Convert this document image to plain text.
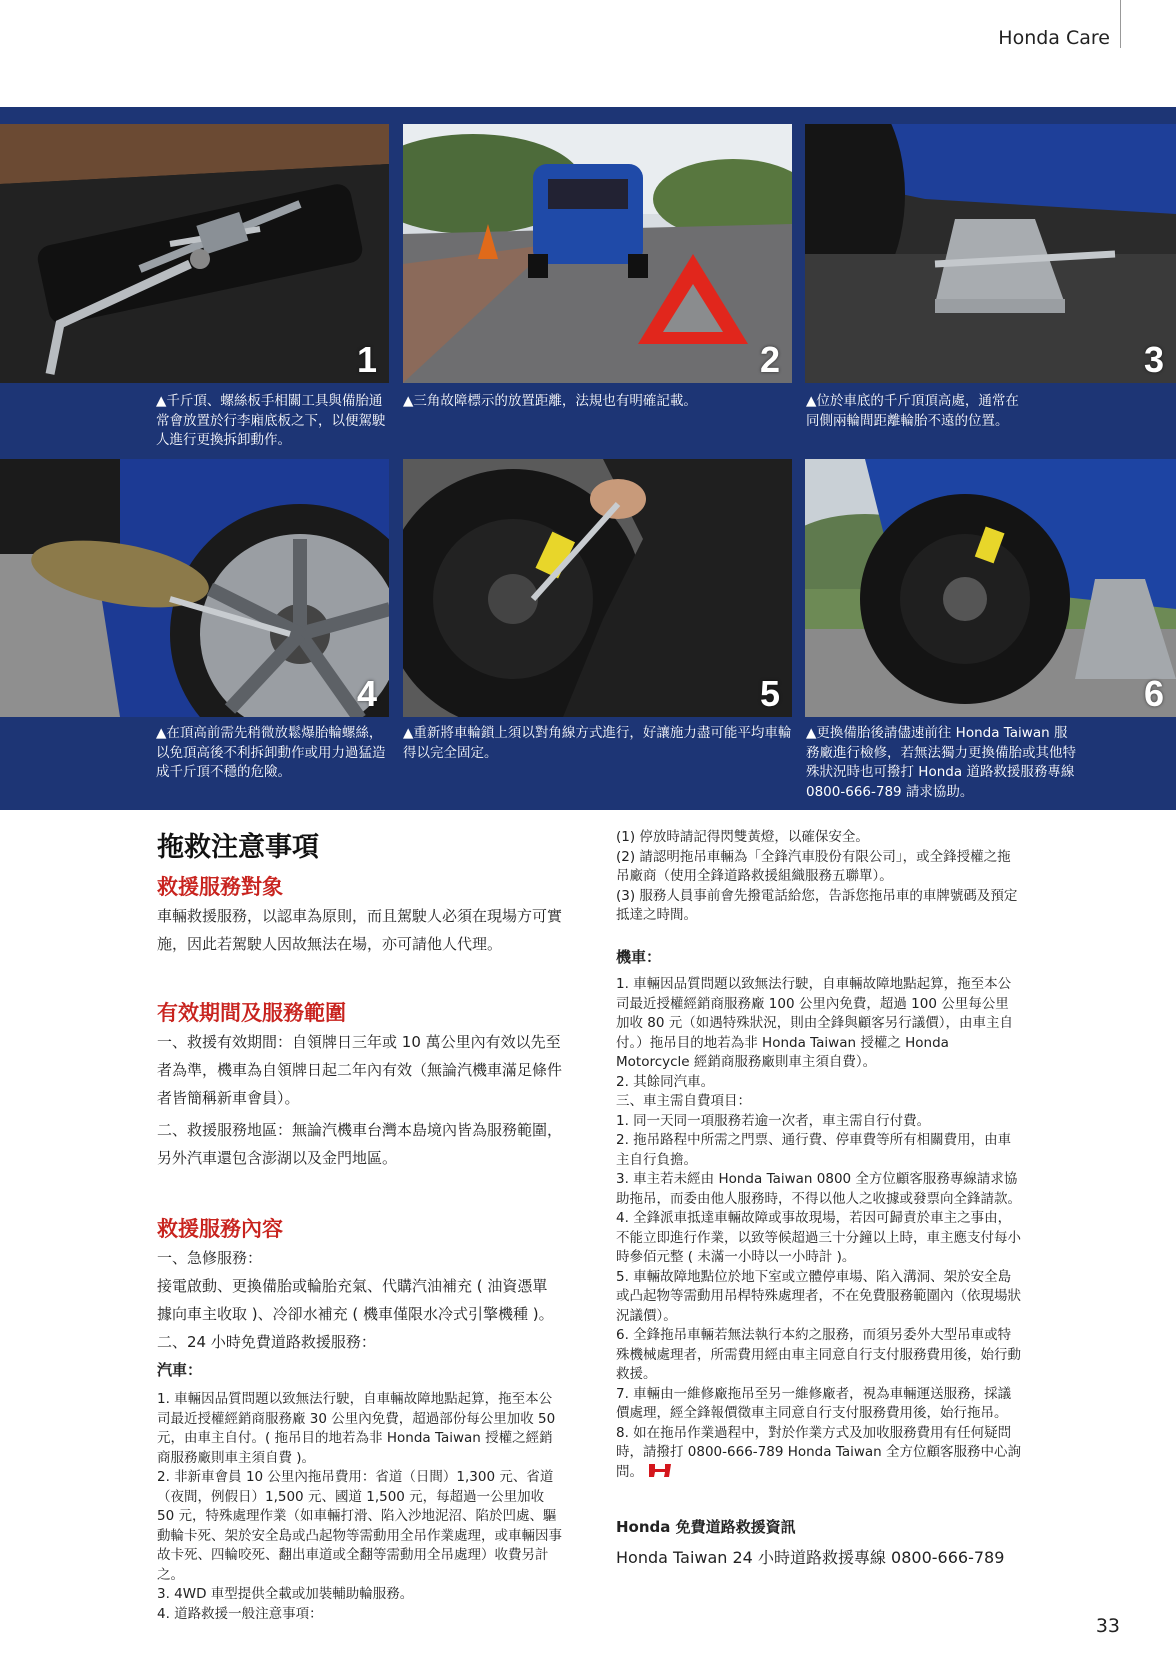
Honda Care
1
▲千斤頂、螺絲板手相關工具與備胎通常會放置於行李廂底板之下，以便駕駛人進行更換拆卸動作。
2
▲三角故障標示的放置距離，法規也有明確記載。
3
▲位於車底的千斤頂頂高處，通常在同側兩輪間距離輪胎不遠的位置。
4
▲在頂高前需先稍微放鬆爆胎輪螺絲，以免頂高後不利拆卸動作或用力過猛造成千斤頂不穩的危險。
5
▲重新將車輪鎖上須以對角線方式進行，好讓施力盡可能平均車輪得以完全固定。
6
▲更換備胎後請儘速前往 Honda Taiwan 服務廠進行檢修，若無法獨力更換備胎或其他特殊狀況時也可撥打 Honda 道路救援服務專線 0800-666-789 請求協助。
拖救注意事項
救援服務對象
車輛救援服務，以認車為原則，而且駕駛人必須在現場方可實施，因此若駕駛人因故無法在場，亦可請他人代理。
有效期間及服務範圍
一、救援有效期間：自領牌日三年或 10 萬公里內有效以先至者為準，機車為自領牌日起二年內有效（無論汽機車滿足條件者皆簡稱新車會員）。
二、救援服務地區：無論汽機車台灣本島境內皆為服務範圍，另外汽車還包含澎湖以及金門地區。
救援服務內容
一、急修服務：
接電啟動、更換備胎或輪胎充氣、代購汽油補充 ( 油資憑單據向車主收取 )、冷卻水補充 ( 機車僅限水冷式引擎機種 )。
二、24 小時免費道路救援服務：
汽車：
1. 車輛因品質問題以致無法行駛，自車輛故障地點起算，拖至本公司最近授權經銷商服務廠 30 公里內免費，超過部份每公里加收 50 元，由車主自付。( 拖吊目的地若為非 Honda Taiwan 授權之經銷商服務廠則車主須自費 )。
2. 非新車會員 10 公里內拖吊費用：省道（日間）1,300 元、省道（夜間，例假日）1,500 元、國道 1,500 元，每超過一公里加收 50 元，特殊處理作業（如車輛打滑、陷入沙地泥沼、陷於凹處、驅動輪卡死、架於安全島或凸起物等需動用全吊作業處理，或車輛因事故卡死、四輪咬死、翻出車道或全翻等需動用全吊處理）收費另計之。
3. 4WD 車型提供全載或加裝輔助輪服務。
4. 道路救援一般注意事項：
(1) 停放時請記得閃雙黃燈，以確保安全。
(2) 請認明拖吊車輛為「全鋒汽車股份有限公司」，或全鋒授權之拖吊廠商（使用全鋒道路救援組織服務五聯單）。
(3) 服務人員事前會先撥電話給您，告訴您拖吊車的車牌號碼及預定抵達之時間。
機車：
1. 車輛因品質問題以致無法行駛，自車輛故障地點起算，拖至本公司最近授權經銷商服務廠 100 公里內免費，超過 100 公里每公里加收 80 元（如遇特殊狀況，則由全鋒與顧客另行議價），由車主自付。）拖吊目的地若為非 Honda Taiwan 授權之 Honda Motorcycle 經銷商服務廠則車主須自費）。
2. 其餘同汽車。
三、車主需自費項目：
1. 同一天同一項服務若逾一次者，車主需自行付費。
2. 拖吊路程中所需之門票、通行費、停車費等所有相關費用，由車主自行負擔。
3. 車主若未經由 Honda Taiwan 0800 全方位顧客服務專線請求協助拖吊，而委由他人服務時，不得以他人之收據或發票向全鋒請款。
4. 全鋒派車抵達車輛故障或事故現場，若因可歸責於車主之事由，不能立即進行作業，以致等候超過三十分鐘以上時，車主應支付每小時參佰元整 ( 未滿一小時以一小時計 )。
5. 車輛故障地點位於地下室或立體停車場、陷入溝洞、架於安全島或凸起物等需動用吊桿特殊處理者，不在免費服務範圍內（依現場狀況議價）。
6. 全鋒拖吊車輛若無法執行本約之服務，而須另委外大型吊車或特殊機械處理者，所需費用經由車主同意自行支付服務費用後，始行動救援。
7. 車輛由一維修廠拖吊至另一維修廠者，視為車輛運送服務，採議價處理，經全鋒報價徵車主同意自行支付服務費用後，始行拖吊。
8. 如在拖吊作業過程中，對於作業方式及加收服務費用有任何疑問時，請撥打 0800-666-789 Honda Taiwan 全方位顧客服務中心詢問。
Honda 免費道路救援資訊
Honda Taiwan 24 小時道路救援專線 0800-666-789
33
